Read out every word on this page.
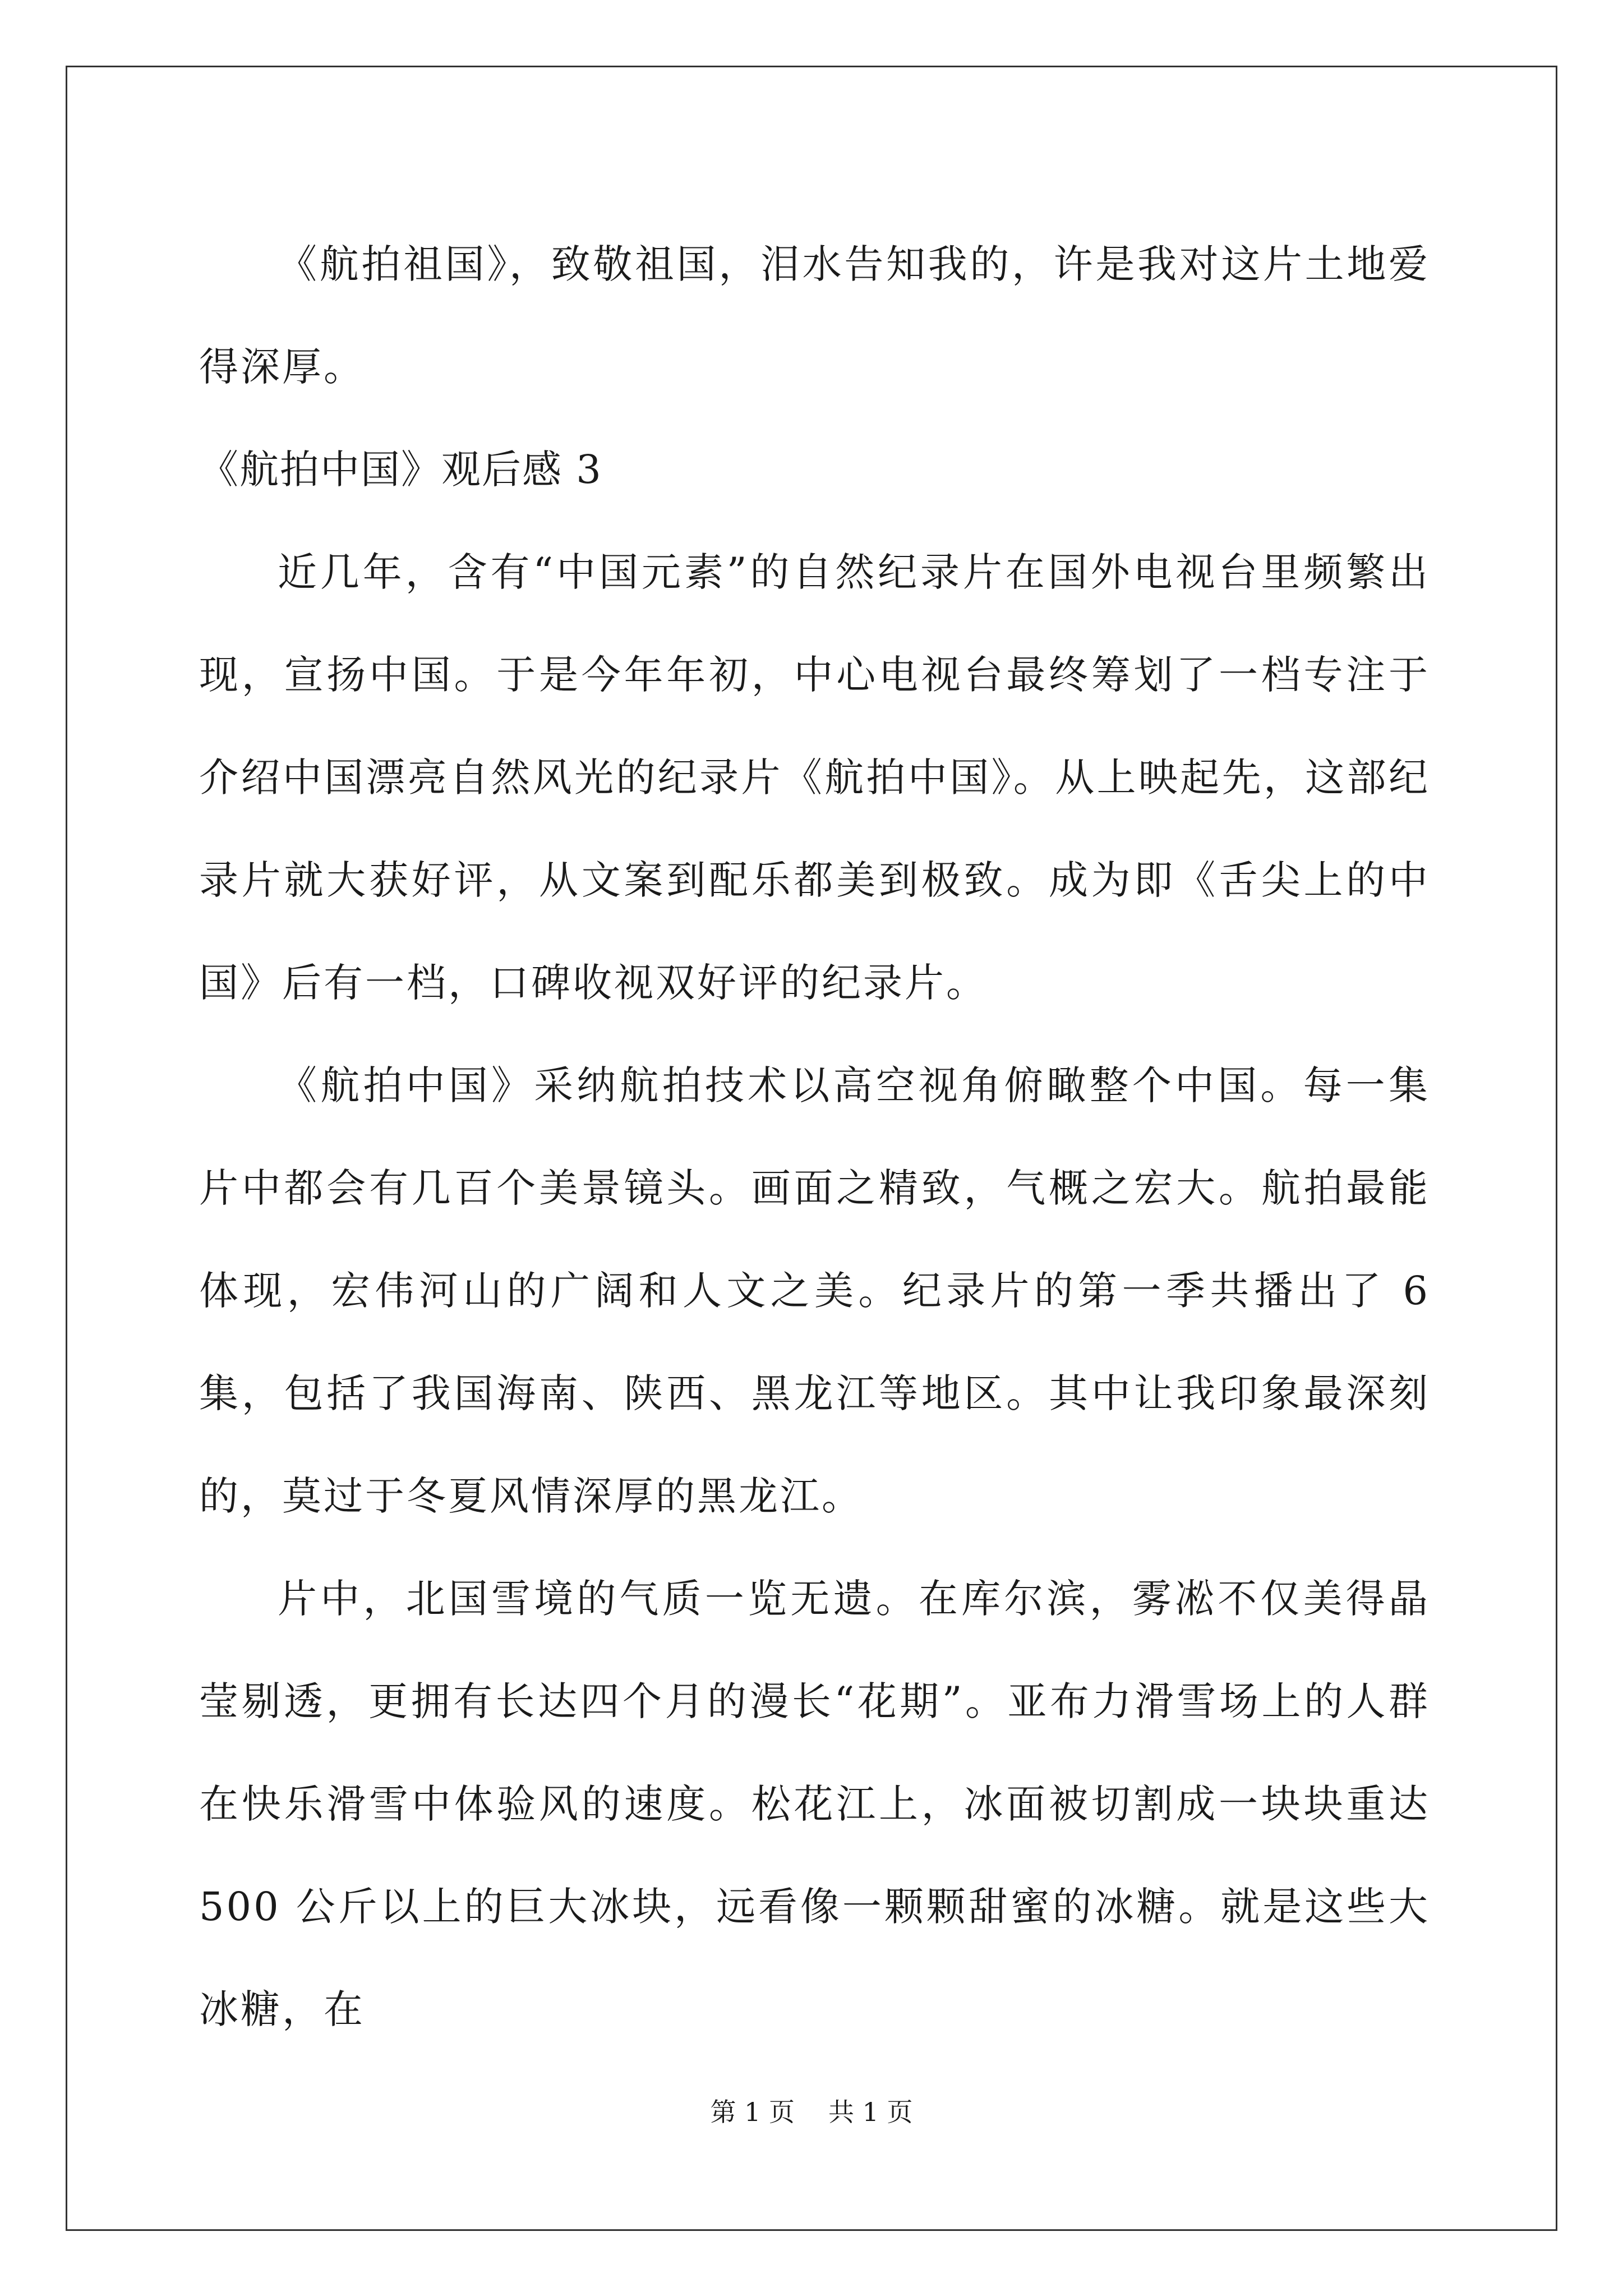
《航拍祖国》，致敬祖国，泪水告知我的，许是我对这片土地爱得深厚。

《航拍中国》观后感 3

近几年，含有“中国元素”的自然纪录片在国外电视台里频繁出现，宣扬中国。于是今年年初，中心电视台最终筹划了一档专注于介绍中国漂亮自然风光的纪录片《航拍中国》。从上映起先，这部纪录片就大获好评，从文案到配乐都美到极致。成为即《舌尖上的中国》后有一档，口碑收视双好评的纪录片。

《航拍中国》采纳航拍技术以高空视角俯瞰整个中国。每一集片中都会有几百个美景镜头。画面之精致，气概之宏大。航拍最能体现，宏伟河山的广阔和人文之美。纪录片的第一季共播出了 6 集，包括了我国海南、陕西、黑龙江等地区。其中让我印象最深刻的，莫过于冬夏风情深厚的黑龙江。

片中，北国雪境的气质一览无遗。在库尔滨，雾凇不仅美得晶莹剔透，更拥有长达四个月的漫长“花期”。亚布力滑雪场上的人群在快乐滑雪中体验风的速度。松花江上，冰面被切割成一块块重达 500 公斤以上的巨大冰块，远看像一颗颗甜蜜的冰糖。就是这些大冰糖，在

第 1 页 共 1 页
